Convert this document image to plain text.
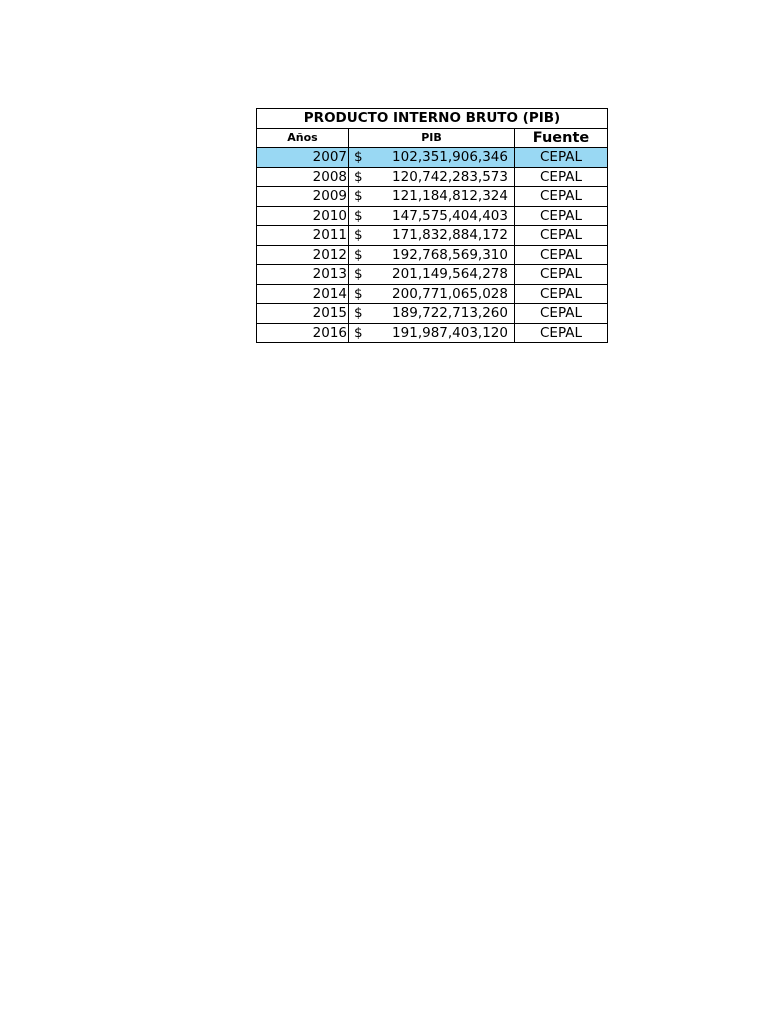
PRODUCTO INTERNO BRUTO (PIB)		
Años	PIB	Fuente
2007	$ 102,351,906,346	CEPAL
2008	$ 120,742,283,573	CEPAL
2009	$ 121,184,812,324	CEPAL
2010	$ 147,575,404,403	CEPAL
2011	$ 171,832,884,172	CEPAL
2012	$ 192,768,569,310	CEPAL
2013	$ 201,149,564,278	CEPAL
2014	$ 200,771,065,028	CEPAL
2015	$ 189,722,713,260	CEPAL
2016	$ 191,987,403,120	CEPAL
